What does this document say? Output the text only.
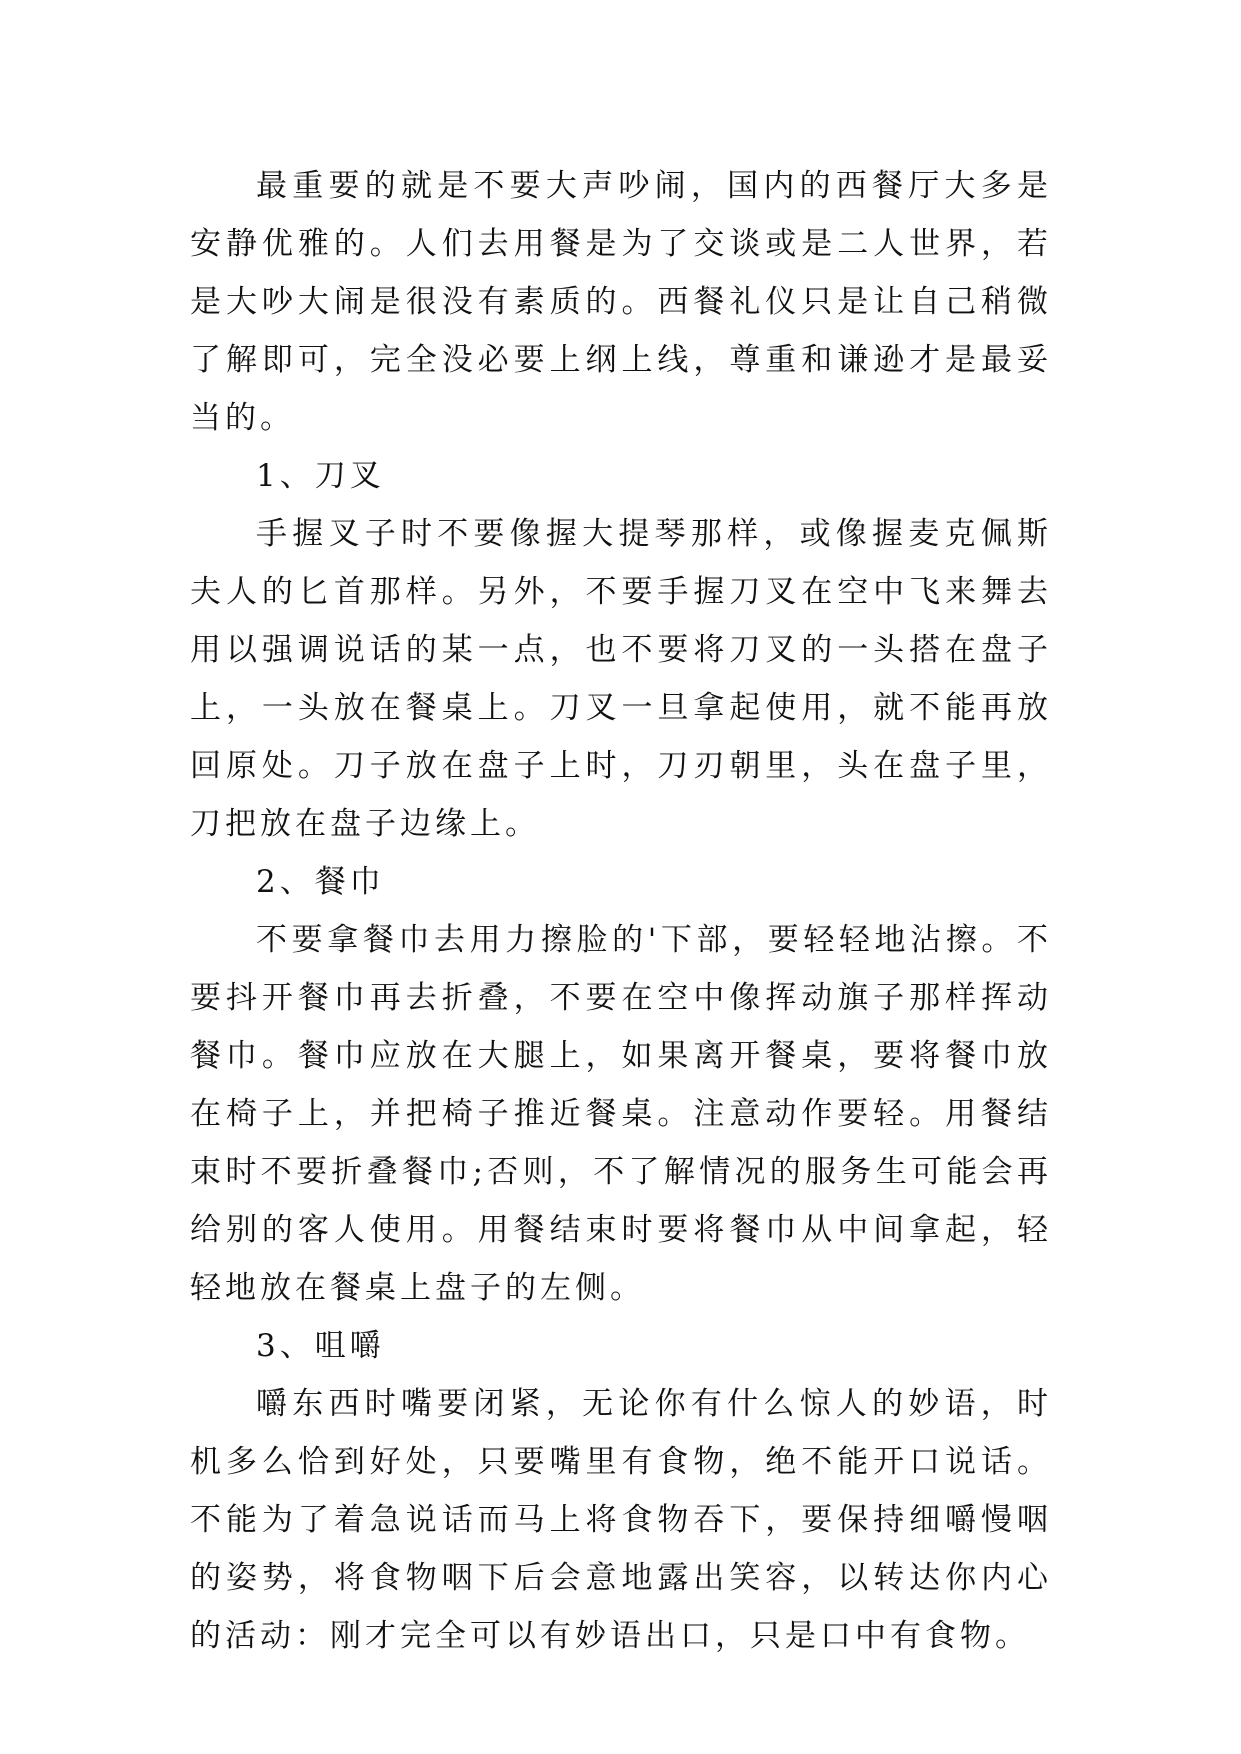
最重要的就是不要大声吵闹，国内的西餐厅大多是安静优雅的。人们去用餐是为了交谈或是二人世界，若是大吵大闹是很没有素质的。西餐礼仪只是让自己稍微了解即可，完全没必要上纲上线，尊重和谦逊才是最妥当的。

1、刀叉

手握叉子时不要像握大提琴那样，或像握麦克佩斯夫人的匕首那样。另外，不要手握刀叉在空中飞来舞去用以强调说话的某一点，也不要将刀叉的一头搭在盘子上，一头放在餐桌上。刀叉一旦拿起使用，就不能再放回原处。刀子放在盘子上时，刀刃朝里，头在盘子里，刀把放在盘子边缘上。

2、餐巾

不要拿餐巾去用力擦脸的'下部，要轻轻地沾擦。不要抖开餐巾再去折叠，不要在空中像挥动旗子那样挥动餐巾。餐巾应放在大腿上，如果离开餐桌，要将餐巾放在椅子上，并把椅子推近餐桌。注意动作要轻。用餐结束时不要折叠餐巾;否则，不了解情况的服务生可能会再给别的客人使用。用餐结束时要将餐巾从中间拿起，轻轻地放在餐桌上盘子的左侧。

3、咀嚼

嚼东西时嘴要闭紧，无论你有什么惊人的妙语，时机多么恰到好处，只要嘴里有食物，绝不能开口说话。不能为了着急说话而马上将食物吞下，要保持细嚼慢咽的姿势，将食物咽下后会意地露出笑容，以转达你内心的活动：刚才完全可以有妙语出口，只是口中有食物。
